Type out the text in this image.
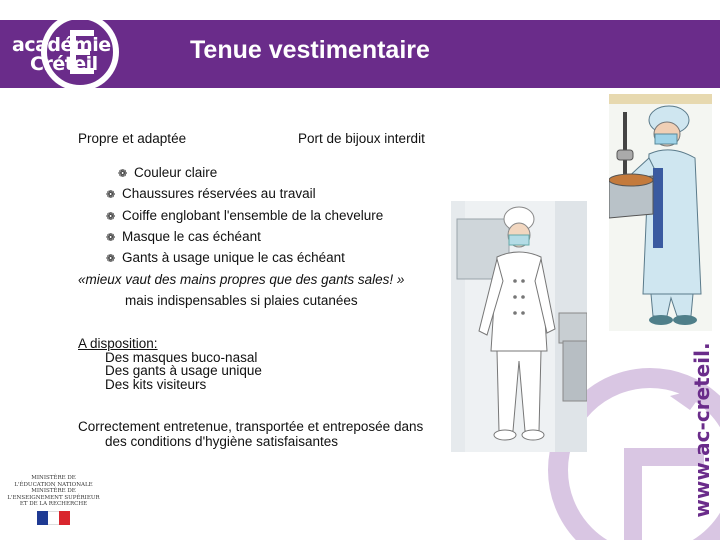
académie
Créteil	Tenue vestimentaire
Propre et adaptée	Port de bijoux interdit
❁ Couleur claire
❁ Chaussures réservées au travail
❁ Coiffe englobant l'ensemble de la chevelure
❁ Masque le cas échéant
❁ Gants à usage unique le cas échéant
«mieux vaut des mains propres que des gants sales! »
mais indispensables si plaies cutanées
A disposition:
Des masques buco-nasal
Des gants à usage unique
Des kits visiteurs
Correctement entretenue, transportée et entreposée dans
des conditions d'hygiène satisfaisantes	www.ac-creteil.
MINISTÈRE DE
L'ÉDUCATION NATIONALE
MINISTÈRE DE
L'ENSEIGNEMENT SUPÉRIEUR
ET DE LA RECHERCHE
